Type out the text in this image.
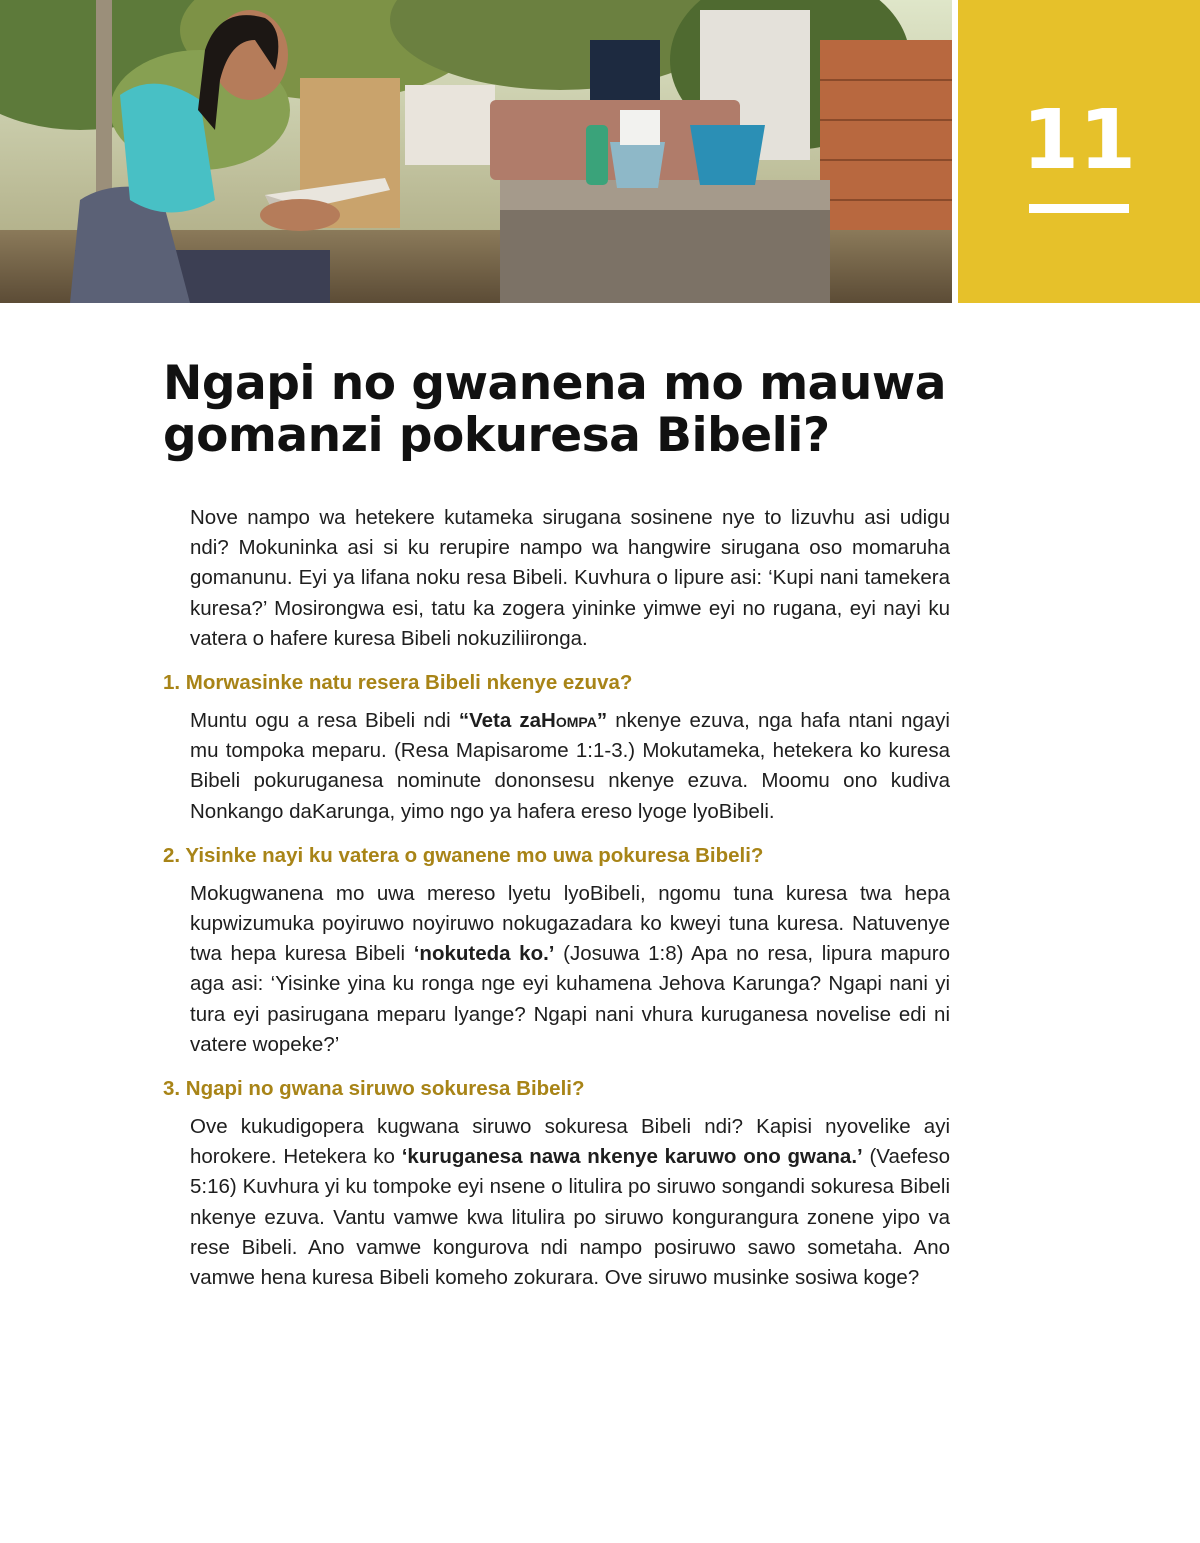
11
Ngapi no gwanena mo mauwa gomanzi pokuresa Bibeli?

Nove nampo wa hetekere kutameka sirugana sosinene nye to lizuvhu asi udigu ndi? Mokuninka asi si ku rerupire nampo wa hangwire sirugana oso momaruha gomanunu. Eyi ya lifana noku resa Bibeli. Kuvhura o lipure asi: ‘Kupi nani tamekera kuresa?’ Mosirongwa esi, tatu ka zogera yininke yimwe eyi no rugana, eyi nayi ku vatera o hafere kuresa Bibeli nokuziliironga.

1. Morwasinke natu resera Bibeli nkenye ezuva?

Muntu ogu a resa Bibeli ndi “Veta zaHompa” nkenye ezuva, nga hafa ntani ngayi mu tompoka meparu. (Resa Mapisarome 1:1-3.) Mokutameka, hetekera ko kuresa Bibeli pokuruganesa nominute dononsesu nkenye ezuva. Moomu ono kudiva Nonkango daKarunga, yimo ngo ya hafera ereso lyoge lyoBibeli.

2. Yisinke nayi ku vatera o gwanene mo uwa pokuresa Bibeli?

Mokugwanena mo uwa mereso lyetu lyoBibeli, ngomu tuna kuresa twa hepa kupwizumuka poyiruwo noyiruwo nokugazadara ko kweyi tuna kuresa. Natuvenye twa hepa kuresa Bibeli ‘nokuteda ko.’ (Josuwa 1:8) Apa no resa, lipura mapuro aga asi: ‘Yisinke yina ku ronga nge eyi kuhamena Jehova Karunga? Ngapi nani yi tura eyi pasirugana meparu lyange? Ngapi nani vhura kuruganesa novelise edi ni vatere wopeke?’

3. Ngapi no gwana siruwo sokuresa Bibeli?

Ove kukudigopera kugwana siruwo sokuresa Bibeli ndi? Kapisi nyovelike ayi horokere. Hetekera ko ‘kuruganesa nawa nkenye karuwo ono gwana.’ (Vaefeso 5:16) Kuvhura yi ku tompoke eyi nsene o litulira po siruwo songandi sokuresa Bibeli nkenye ezuva. Vantu vamwe kwa litulira po siruwo kongurangura zonene yipo va rese Bibeli. Ano vamwe kongurova ndi nampo posiruwo sawo sometaha. Ano vamwe hena kuresa Bibeli komeho zokurara. Ove siruwo musinke sosiwa koge?
